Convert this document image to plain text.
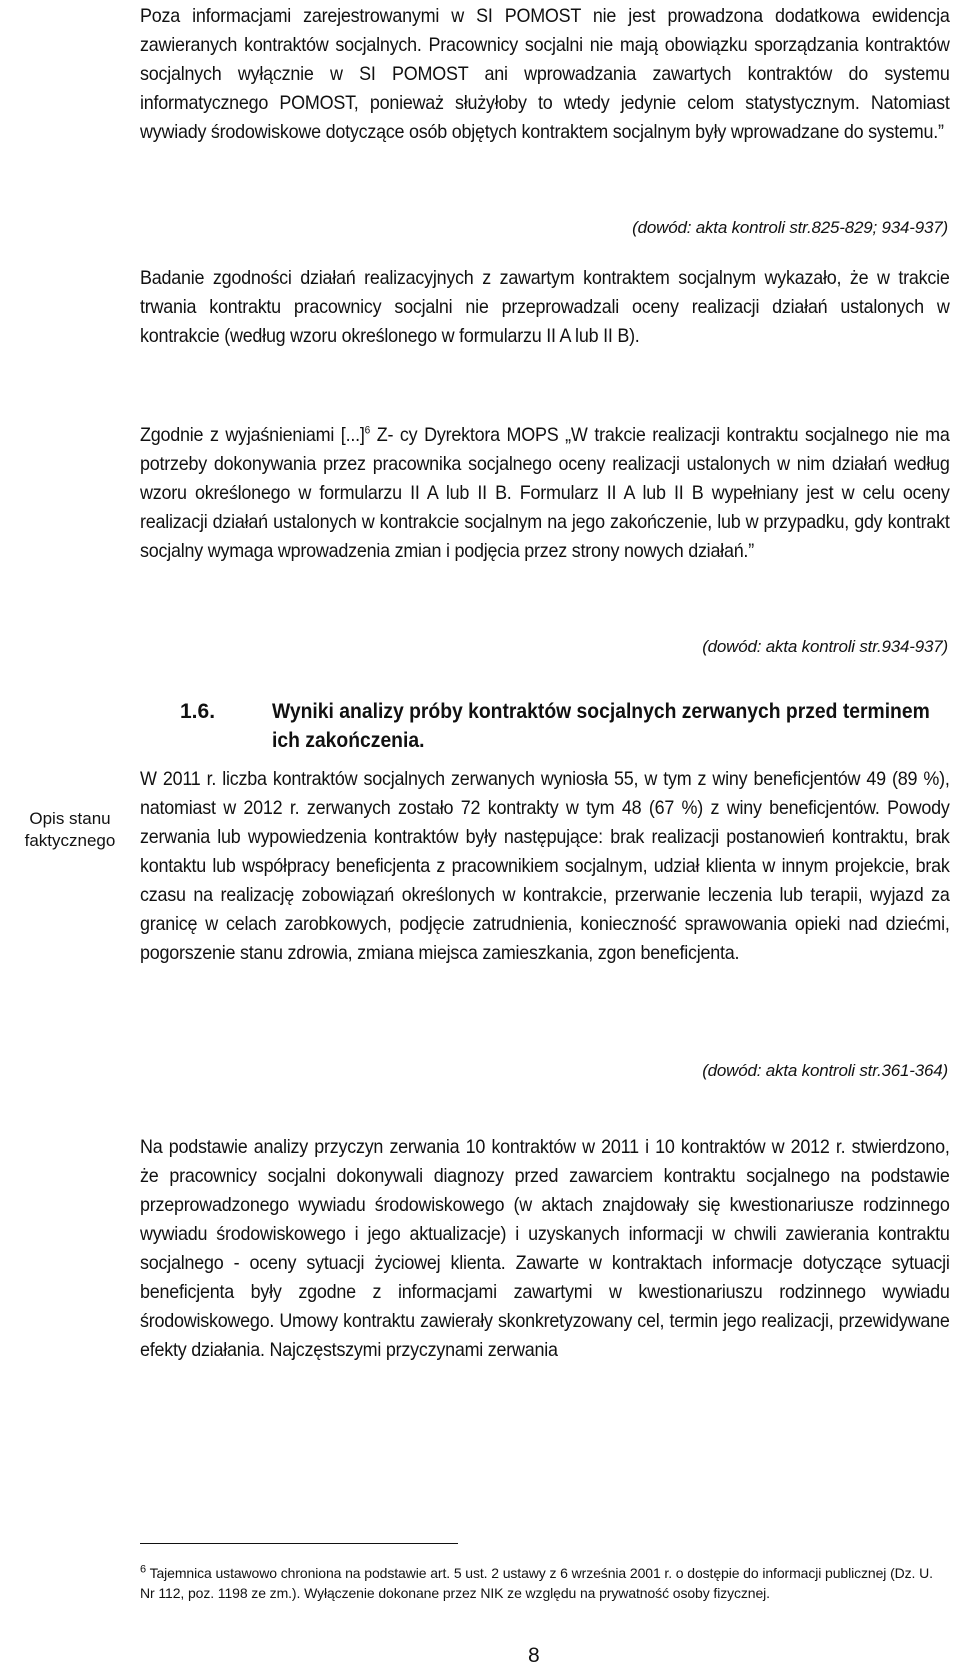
Poza informacjami zarejestrowanymi w SI POMOST nie jest prowadzona dodatkowa ewidencja zawieranych kontraktów socjalnych. Pracownicy socjalni nie mają obowiązku sporządzania kontraktów socjalnych wyłącznie w SI POMOST ani wprowadzania zawartych kontraktów do systemu informatycznego POMOST, ponieważ służyłoby to wtedy jedynie celom statystycznym. Natomiast wywiady środowiskowe dotyczące osób objętych kontraktem socjalnym były wprowadzane do systemu.”

(dowód: akta kontroli str.825-829; 934-937)

Badanie zgodności działań realizacyjnych z zawartym kontraktem socjalnym wykazało, że w trakcie trwania kontraktu pracownicy socjalni nie przeprowadzali oceny realizacji działań ustalonych w kontrakcie (według wzoru określonego w formularzu II A lub II B).

Zgodnie z wyjaśnieniami [...]$^6$ Z- cy Dyrektora MOPS „W trakcie realizacji kontraktu socjalnego nie ma potrzeby dokonywania przez pracownika socjalnego oceny realizacji ustalonych w nim działań według wzoru określonego w formularzu II A lub II B. Formularz II A lub II B wypełniany jest w celu oceny realizacji działań ustalonych w kontrakcie socjalnym na jego zakończenie, lub w przypadku, gdy kontrakt socjalny wymaga wprowadzenia zmian i podjęcia przez strony nowych działań.”

(dowód: akta kontroli str.934-937)

1.6.	Wyniki analizy próby kontraktów socjalnych zerwanych przed terminem ich zakończenia.

Opis stanu faktycznego

W 2011 r. liczba kontraktów socjalnych zerwanych wyniosła 55, w tym z winy beneficjentów 49 (89 %), natomiast w 2012 r. zerwanych zostało 72 kontrakty w tym 48 (67 %) z winy beneficjentów. Powody zerwania lub wypowiedzenia kontraktów były następujące: brak realizacji postanowień kontraktu, brak kontaktu lub współpracy beneficjenta z pracownikiem socjalnym, udział klienta w innym projekcie, brak czasu na realizację zobowiązań określonych w kontrakcie, przerwanie leczenia lub terapii, wyjazd za granicę w celach zarobkowych, podjęcie zatrudnienia, konieczność sprawowania opieki nad dziećmi, pogorszenie stanu zdrowia, zmiana miejsca zamieszkania, zgon beneficjenta.

(dowód: akta kontroli str.361-364)

Na podstawie analizy przyczyn zerwania 10 kontraktów w 2011 i 10 kontraktów w 2012 r. stwierdzono, że pracownicy socjalni dokonywali diagnozy przed zawarciem kontraktu socjalnego na podstawie przeprowadzonego wywiadu środowiskowego (w aktach znajdowały się kwestionariusze rodzinnego wywiadu środowiskowego i jego aktualizacje) i uzyskanych informacji w chwili zawierania kontraktu socjalnego - oceny sytuacji życiowej klienta. Zawarte w kontraktach informacje dotyczące sytuacji beneficjenta były zgodne z informacjami zawartymi w kwestionariuszu rodzinnego wywiadu środowiskowego. Umowy kontraktu zawierały skonkretyzowany cel, termin jego realizacji, przewidywane efekty działania. Najczęstszymi przyczynami zerwania

$^6$ Tajemnica ustawowo chroniona na podstawie art. 5 ust. 2 ustawy z 6 września 2001 r. o dostępie do informacji publicznej (Dz. U. Nr 112, poz. 1198 ze zm.). Wyłączenie dokonane przez NIK ze względu na prywatność osoby fizycznej.

8
